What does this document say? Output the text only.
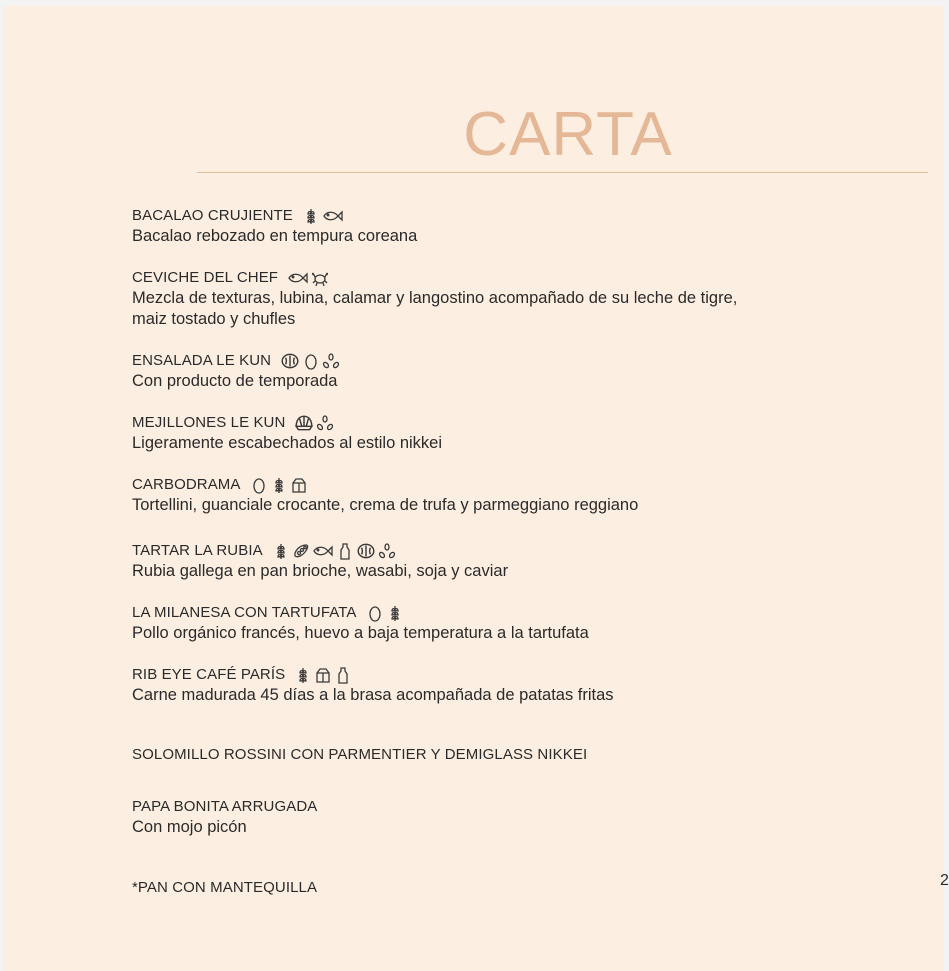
CARTA
BACALAO CRUJIENTE
Bacalao rebozado en tempura coreana
CEVICHE DEL CHEF
Mezcla de texturas, lubina, calamar y langostino acompañado de su leche de tigre,
maiz tostado y chufles
ENSALADA LE KUN
Con producto de temporada
MEJILLONES LE KUN
Ligeramente escabechados al estilo nikkei
CARBODRAMA
Tortellini, guanciale crocante, crema de trufa y parmeggiano reggiano
TARTAR LA RUBIA
Rubia gallega en pan brioche, wasabi, soja y caviar
LA MILANESA CON TARTUFATA
Pollo orgánico francés, huevo a baja temperatura a la tartufata
RIB EYE CAFÉ PARÍS
Carne madurada 45 días a la brasa acompañada de patatas fritas
SOLOMILLO ROSSINI CON PARMENTIER Y DEMIGLASS NIKKEI
PAPA BONITA ARRUGADA
Con mojo picón
*PAN CON MANTEQUILLA	2
